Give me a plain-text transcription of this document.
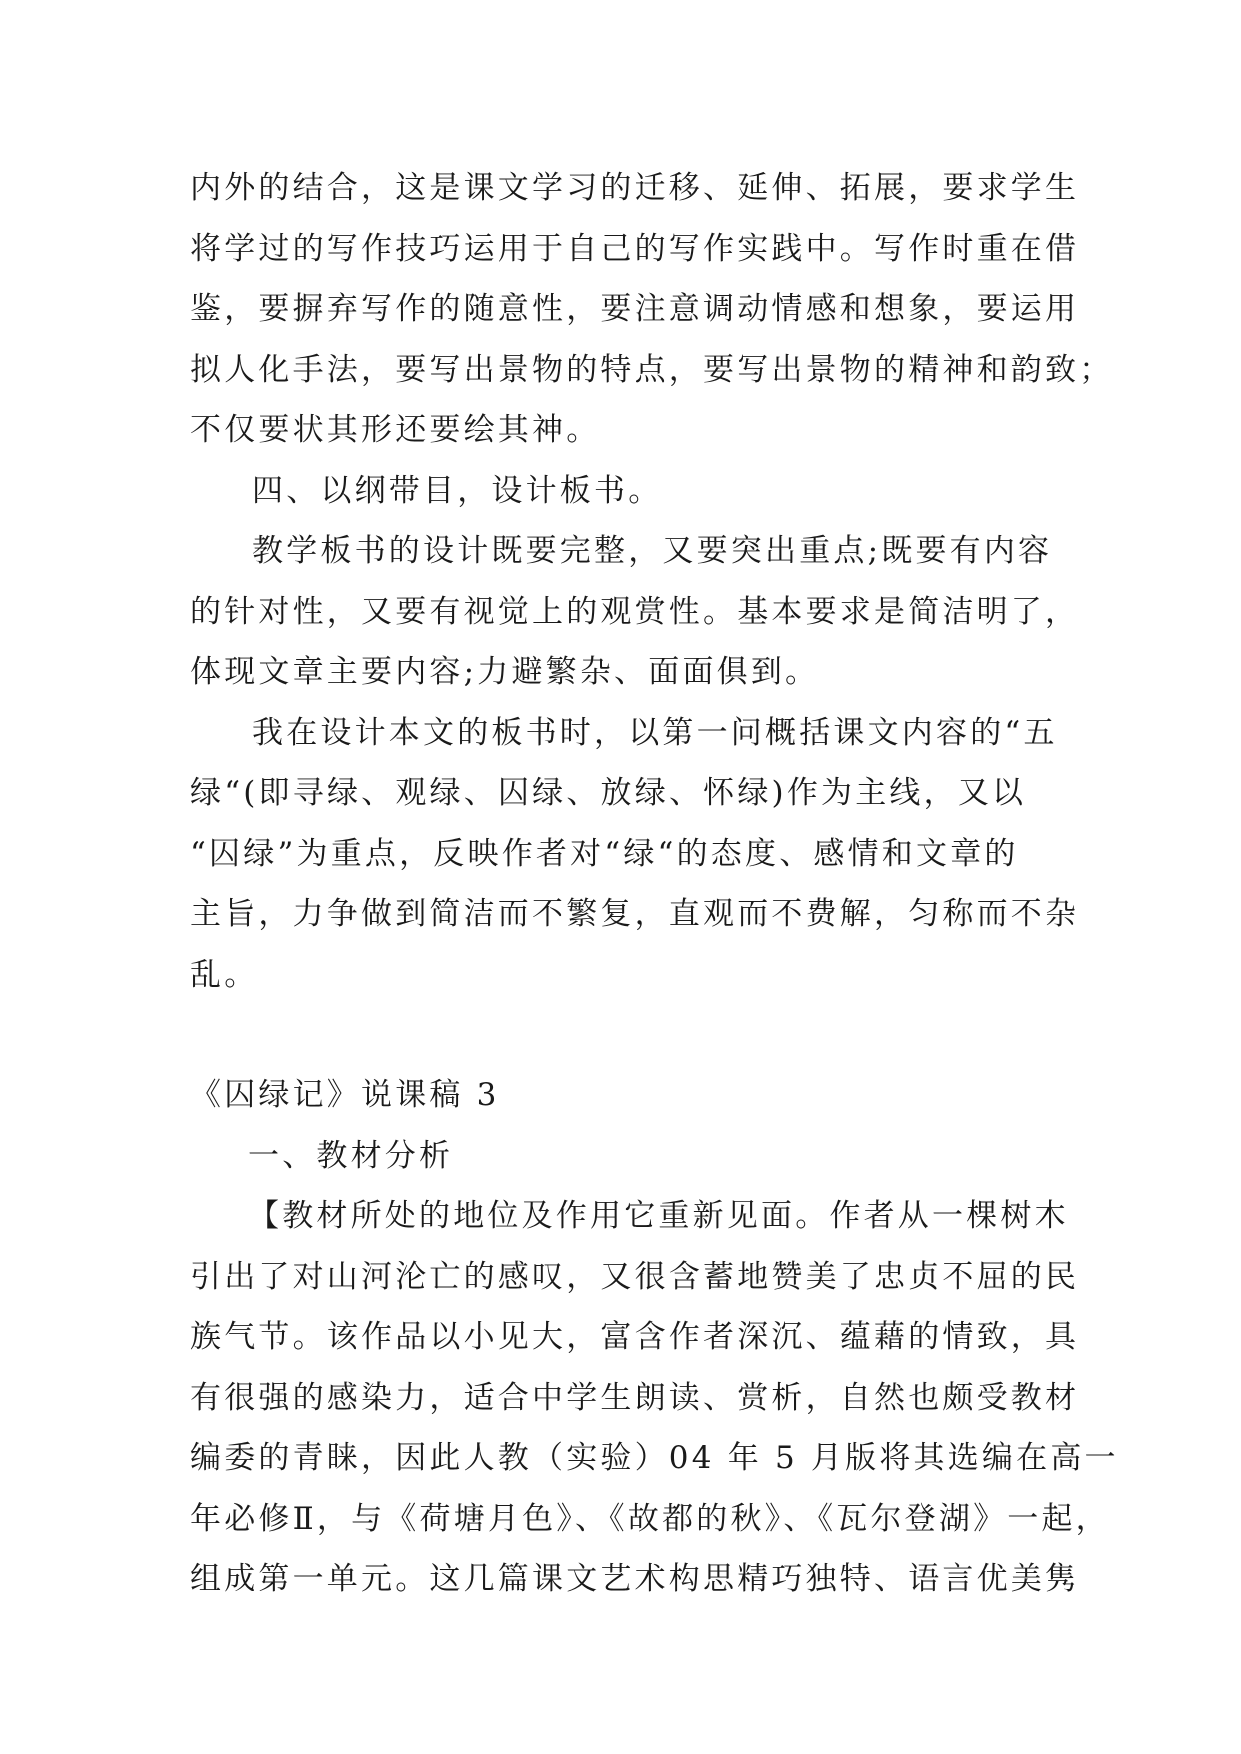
内外的结合，这是课文学习的迁移、延伸、拓展，要求学生
将学过的写作技巧运用于自己的写作实践中。写作时重在借
鉴，要摒弃写作的随意性，要注意调动情感和想象，要运用
拟人化手法，要写出景物的特点，要写出景物的精神和韵致；
不仅要状其形还要绘其神。
四、以纲带目，设计板书。
教学板书的设计既要完整，又要突出重点;既要有内容
的针对性，又要有视觉上的观赏性。基本要求是简洁明了，
体现文章主要内容;力避繁杂、面面俱到。
我在设计本文的板书时，以第一问概括课文内容的“五
绿“(即寻绿、观绿、囚绿、放绿、怀绿)作为主线，又以
“囚绿”为重点，反映作者对“绿“的态度、感情和文章的
主旨，力争做到简洁而不繁复，直观而不费解，匀称而不杂
乱。
《囚绿记》说课稿 3
一、教材分析
【教材所处的地位及作用它重新见面。作者从一棵树木
引出了对山河沦亡的感叹，又很含蓄地赞美了忠贞不屈的民
族气节。该作品以小见大，富含作者深沉、蕴藉的情致，具
有很强的感染力，适合中学生朗读、赏析，自然也颇受教材
编委的青睐，因此人教（实验）04 年 5 月版将其选编在高一
年必修Ⅱ，与《荷塘月色》、《故都的秋》、《瓦尔登湖》一起，
组成第一单元。这几篇课文艺术构思精巧独特、语言优美隽
